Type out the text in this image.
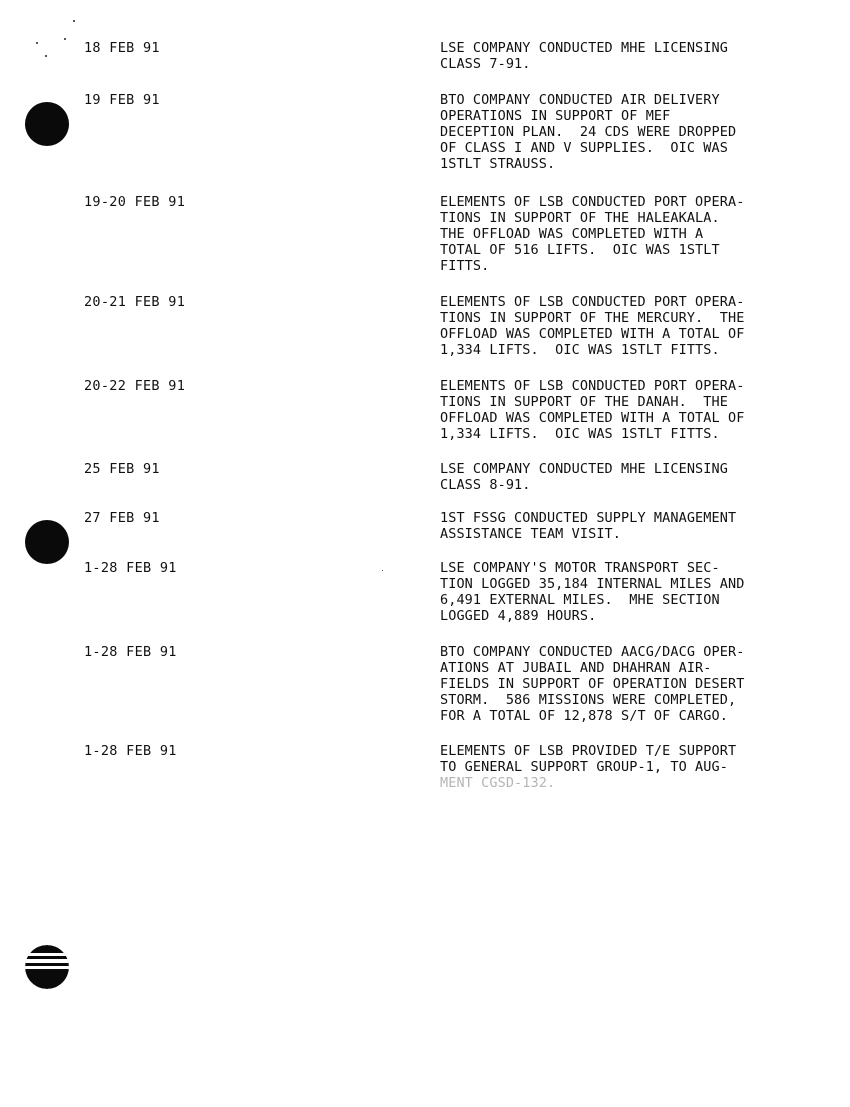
18 FEB 91	LSE COMPANY CONDUCTED MHE LICENSING
CLASS 7-91.
19 FEB 91	BTO COMPANY CONDUCTED AIR DELIVERY
OPERATIONS IN SUPPORT OF MEF
DECEPTION PLAN.  24 CDS WERE DROPPED
OF CLASS I AND V SUPPLIES.  OIC WAS
1STLT STRAUSS.
19-20 FEB 91	ELEMENTS OF LSB CONDUCTED PORT OPERA-
TIONS IN SUPPORT OF THE HALEAKALA.
THE OFFLOAD WAS COMPLETED WITH A
TOTAL OF 516 LIFTS.  OIC WAS 1STLT
FITTS.
20-21 FEB 91	ELEMENTS OF LSB CONDUCTED PORT OPERA-
TIONS IN SUPPORT OF THE MERCURY.  THE
OFFLOAD WAS COMPLETED WITH A TOTAL OF
1,334 LIFTS.  OIC WAS 1STLT FITTS.
20-22 FEB 91	ELEMENTS OF LSB CONDUCTED PORT OPERA-
TIONS IN SUPPORT OF THE DANAH.  THE
OFFLOAD WAS COMPLETED WITH A TOTAL OF
1,334 LIFTS.  OIC WAS 1STLT FITTS.
25 FEB 91	LSE COMPANY CONDUCTED MHE LICENSING
CLASS 8-91.
27 FEB 91	1ST FSSG CONDUCTED SUPPLY MANAGEMENT
ASSISTANCE TEAM VISIT.
1-28 FEB 91	LSE COMPANY'S MOTOR TRANSPORT SEC-
TION LOGGED 35,184 INTERNAL MILES AND
6,491 EXTERNAL MILES.  MHE SECTION
LOGGED 4,889 HOURS.
1-28 FEB 91	BTO COMPANY CONDUCTED AACG/DACG OPER-
ATIONS AT JUBAIL AND DHAHRAN AIR-
FIELDS IN SUPPORT OF OPERATION DESERT
STORM.  586 MISSIONS WERE COMPLETED,
FOR A TOTAL OF 12,878 S/T OF CARGO.
1-28 FEB 91	ELEMENTS OF LSB PROVIDED T/E SUPPORT
TO GENERAL SUPPORT GROUP-1, TO AUG-
MENT CGSD-132.
